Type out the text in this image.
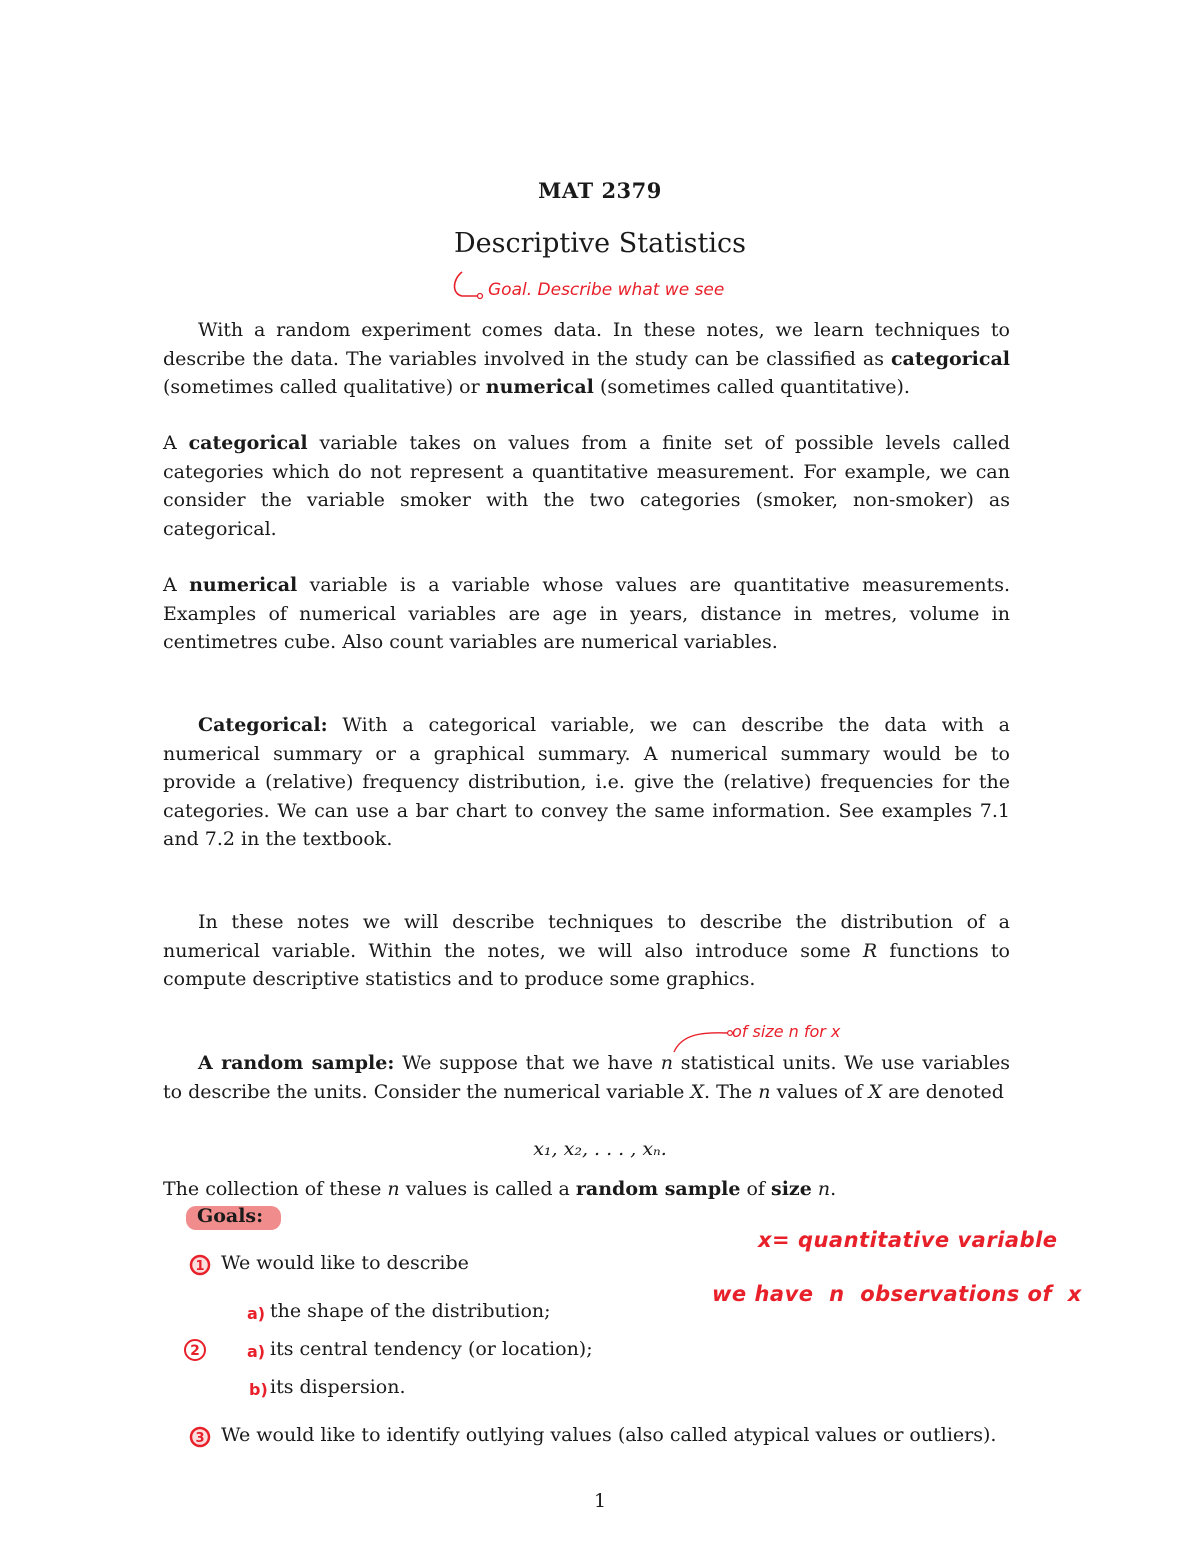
MAT 2379
Descriptive Statistics
Goal. Describe what we see

With a random experiment comes data. In these notes, we learn techniques to describe the data. The variables involved in the study can be classified as categorical (sometimes called qualitative) or numerical (sometimes called quantitative).

A categorical variable takes on values from a finite set of possible levels called categories which do not represent a quantitative measurement. For example, we can consider the variable smoker with the two categories (smoker, non-smoker) as categorical.

A numerical variable is a variable whose values are quantitative measurements. Examples of numerical variables are age in years, distance in metres, volume in centimetres cube. Also count variables are numerical variables.

Categorical: With a categorical variable, we can describe the data with a numerical summary or a graphical summary. A numerical summary would be to provide a (relative) frequency distribution, i.e. give the (relative) frequencies for the categories. We can use a bar chart to convey the same information. See examples 7.1 and 7.2 in the textbook.

In these notes we will describe techniques to describe the distribution of a numerical variable. Within the notes, we will also introduce some R functions to compute descriptive statistics and to produce some graphics.

of size n for x

A random sample: We suppose that we have n statistical units. We use variables to describe the units. Consider the numerical variable X. The n values of X are denoted

x₁, x₂, . . . , xₙ.

The collection of these n values is called a random sample of size n.

Goals:
1 We would like to describe
a) the shape of the distribution;
2	a) its central tendency (or location);
b) its dispersion.
3 We would like to identify outlying values (also called atypical values or outliers).
x= quantitative variable
we have  n  observations of  x
1
